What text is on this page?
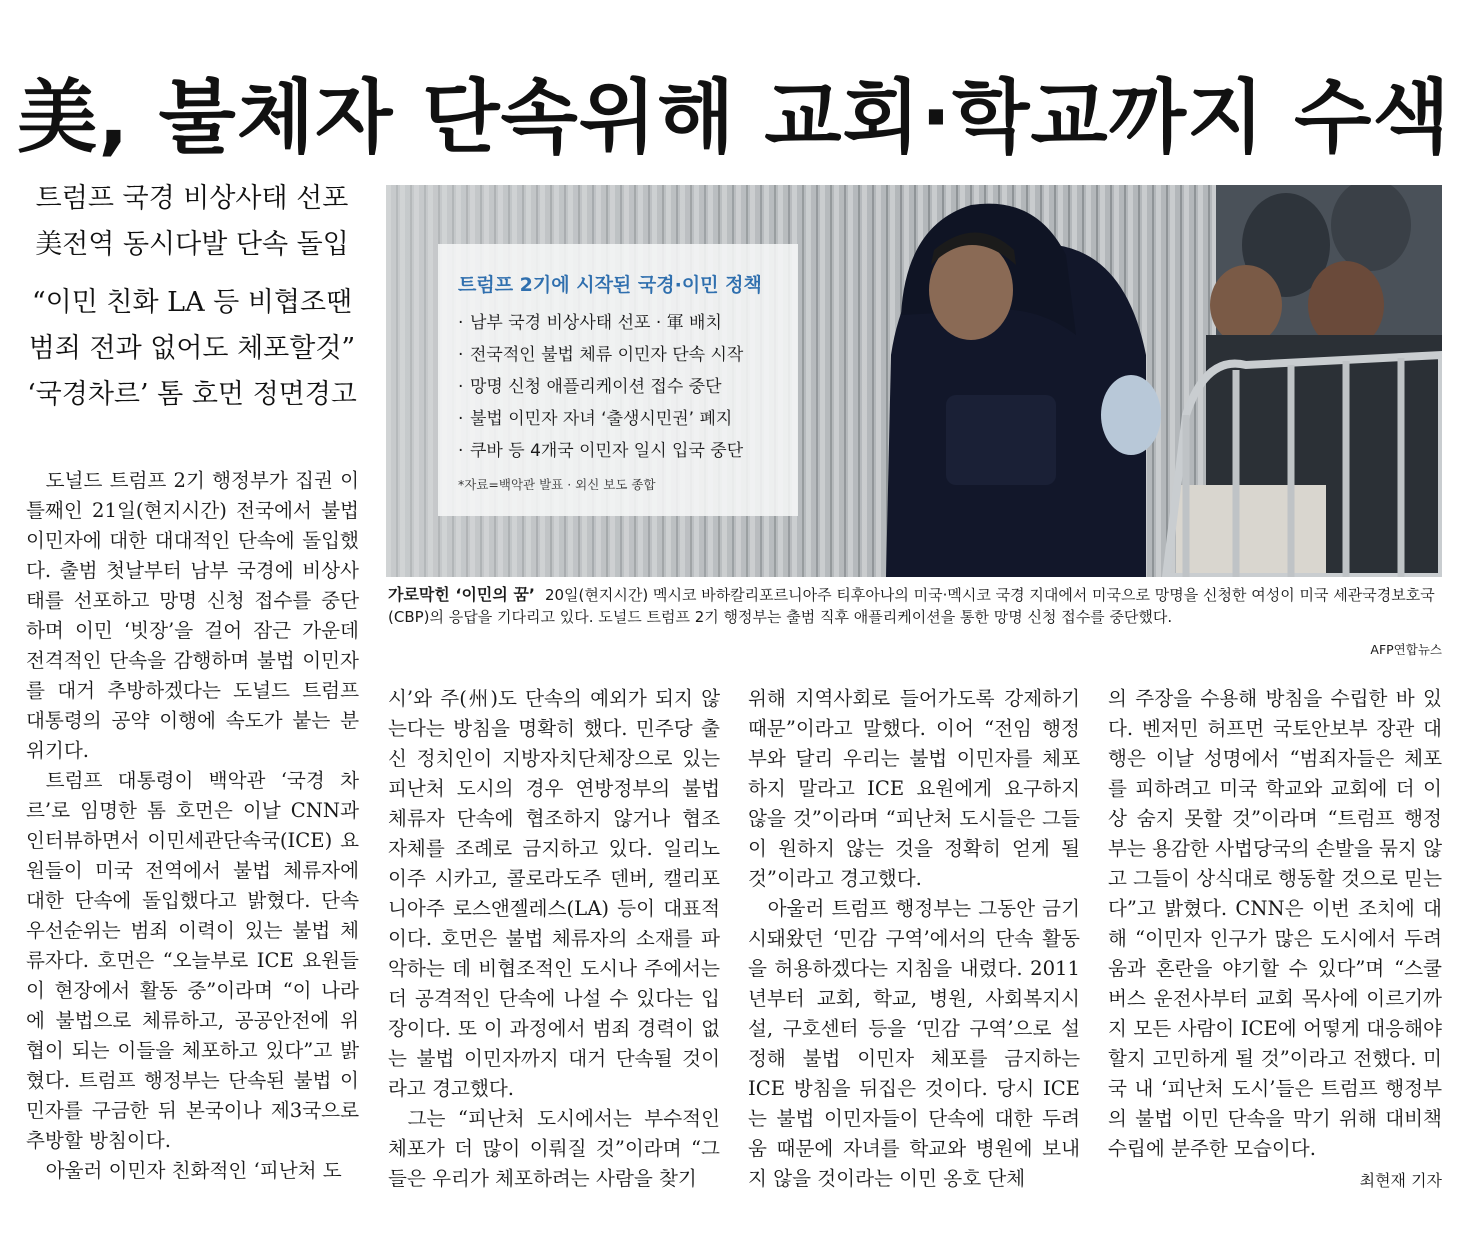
美, 불체자 단속위해 교회·학교까지 수색
트럼프 국경 비상사태 선포
美전역 동시다발 단속 돌입
“이민 친화 LA 등 비협조땐
범죄 전과 없어도 체포할것”
‘국경차르’ 톰 호먼 정면경고
트럼프 2기에 시작된 국경·이민 정책
· 남부 국경 비상사태 선포 · 軍 배치
· 전국적인 불법 체류 이민자 단속 시작
· 망명 신청 애플리케이션 접수 중단
· 불법 이민자 자녀 ‘출생시민권’ 폐지
· 쿠바 등 4개국 이민자 일시 입국 중단
*자료=백악관 발표 · 외신 보도 종합
가로막힌 ‘이민의 꿈’ 20일(현지시간) 멕시코 바하칼리포르니아주 티후아나의 미국·멕시코 국경 지대에서 미국으로 망명을 신청한 여성이 미국 세관국경보호국(CBP)의 응답을 기다리고 있다. 도널드 트럼프 2기 행정부는 출범 직후 애플리케이션을 통한 망명 신청 접수를 중단했다.
AFP연합뉴스

도널드 트럼프 2기 행정부가 집권 이틀째인 21일(현지시간) 전국에서 불법 이민자에 대한 대대적인 단속에 돌입했다. 출범 첫날부터 남부 국경에 비상사태를 선포하고 망명 신청 접수를 중단하며 이민 ‘빗장’을 걸어 잠근 가운데 전격적인 단속을 감행하며 불법 이민자를 대거 추방하겠다는 도널드 트럼프 대통령의 공약 이행에 속도가 붙는 분위기다.

트럼프 대통령이 백악관 ‘국경 차르’로 임명한 톰 호먼은 이날 CNN과 인터뷰하면서 이민세관단속국(ICE) 요원들이 미국 전역에서 불법 체류자에 대한 단속에 돌입했다고 밝혔다. 단속 우선순위는 범죄 이력이 있는 불법 체류자다. 호먼은 “오늘부로 ICE 요원들이 현장에서 활동 중”이라며 “이 나라에 불법으로 체류하고, 공공안전에 위협이 되는 이들을 체포하고 있다”고 밝혔다. 트럼프 행정부는 단속된 불법 이민자를 구금한 뒤 본국이나 제3국으로 추방할 방침이다.

아울러 이민자 친화적인 ‘피난처 도

시’와 주(州)도 단속의 예외가 되지 않는다는 방침을 명확히 했다. 민주당 출신 정치인이 지방자치단체장으로 있는 피난처 도시의 경우 연방정부의 불법 체류자 단속에 협조하지 않거나 협조 자체를 조례로 금지하고 있다. 일리노이주 시카고, 콜로라도주 덴버, 캘리포니아주 로스앤젤레스(LA) 등이 대표적이다. 호먼은 불법 체류자의 소재를 파악하는 데 비협조적인 도시나 주에서는 더 공격적인 단속에 나설 수 있다는 입장이다. 또 이 과정에서 범죄 경력이 없는 불법 이민자까지 대거 단속될 것이라고 경고했다.

그는 “피난처 도시에서는 부수적인 체포가 더 많이 이뤄질 것”이라며 “그들은 우리가 체포하려는 사람을 찾기

위해 지역사회로 들어가도록 강제하기 때문”이라고 말했다. 이어 “전임 행정부와 달리 우리는 불법 이민자를 체포하지 말라고 ICE 요원에게 요구하지 않을 것”이라며 “피난처 도시들은 그들이 원하지 않는 것을 정확히 얻게 될 것”이라고 경고했다.

아울러 트럼프 행정부는 그동안 금기시돼왔던 ‘민감 구역’에서의 단속 활동을 허용하겠다는 지침을 내렸다. 2011년부터 교회, 학교, 병원, 사회복지시설, 구호센터 등을 ‘민감 구역’으로 설정해 불법 이민자 체포를 금지하는 ICE 방침을 뒤집은 것이다. 당시 ICE는 불법 이민자들이 단속에 대한 두려움 때문에 자녀를 학교와 병원에 보내지 않을 것이라는 이민 옹호 단체

의 주장을 수용해 방침을 수립한 바 있다. 벤저민 허프먼 국토안보부 장관 대행은 이날 성명에서 “범죄자들은 체포를 피하려고 미국 학교와 교회에 더 이상 숨지 못할 것”이라며 “트럼프 행정부는 용감한 사법당국의 손발을 묶지 않고 그들이 상식대로 행동할 것으로 믿는다”고 밝혔다. CNN은 이번 조치에 대해 “이민자 인구가 많은 도시에서 두려움과 혼란을 야기할 수 있다”며 “스쿨버스 운전사부터 교회 목사에 이르기까지 모든 사람이 ICE에 어떻게 대응해야 할지 고민하게 될 것”이라고 전했다. 미국 내 ‘피난처 도시’들은 트럼프 행정부의 불법 이민 단속을 막기 위해 대비책 수립에 분주한 모습이다.

최현재 기자
